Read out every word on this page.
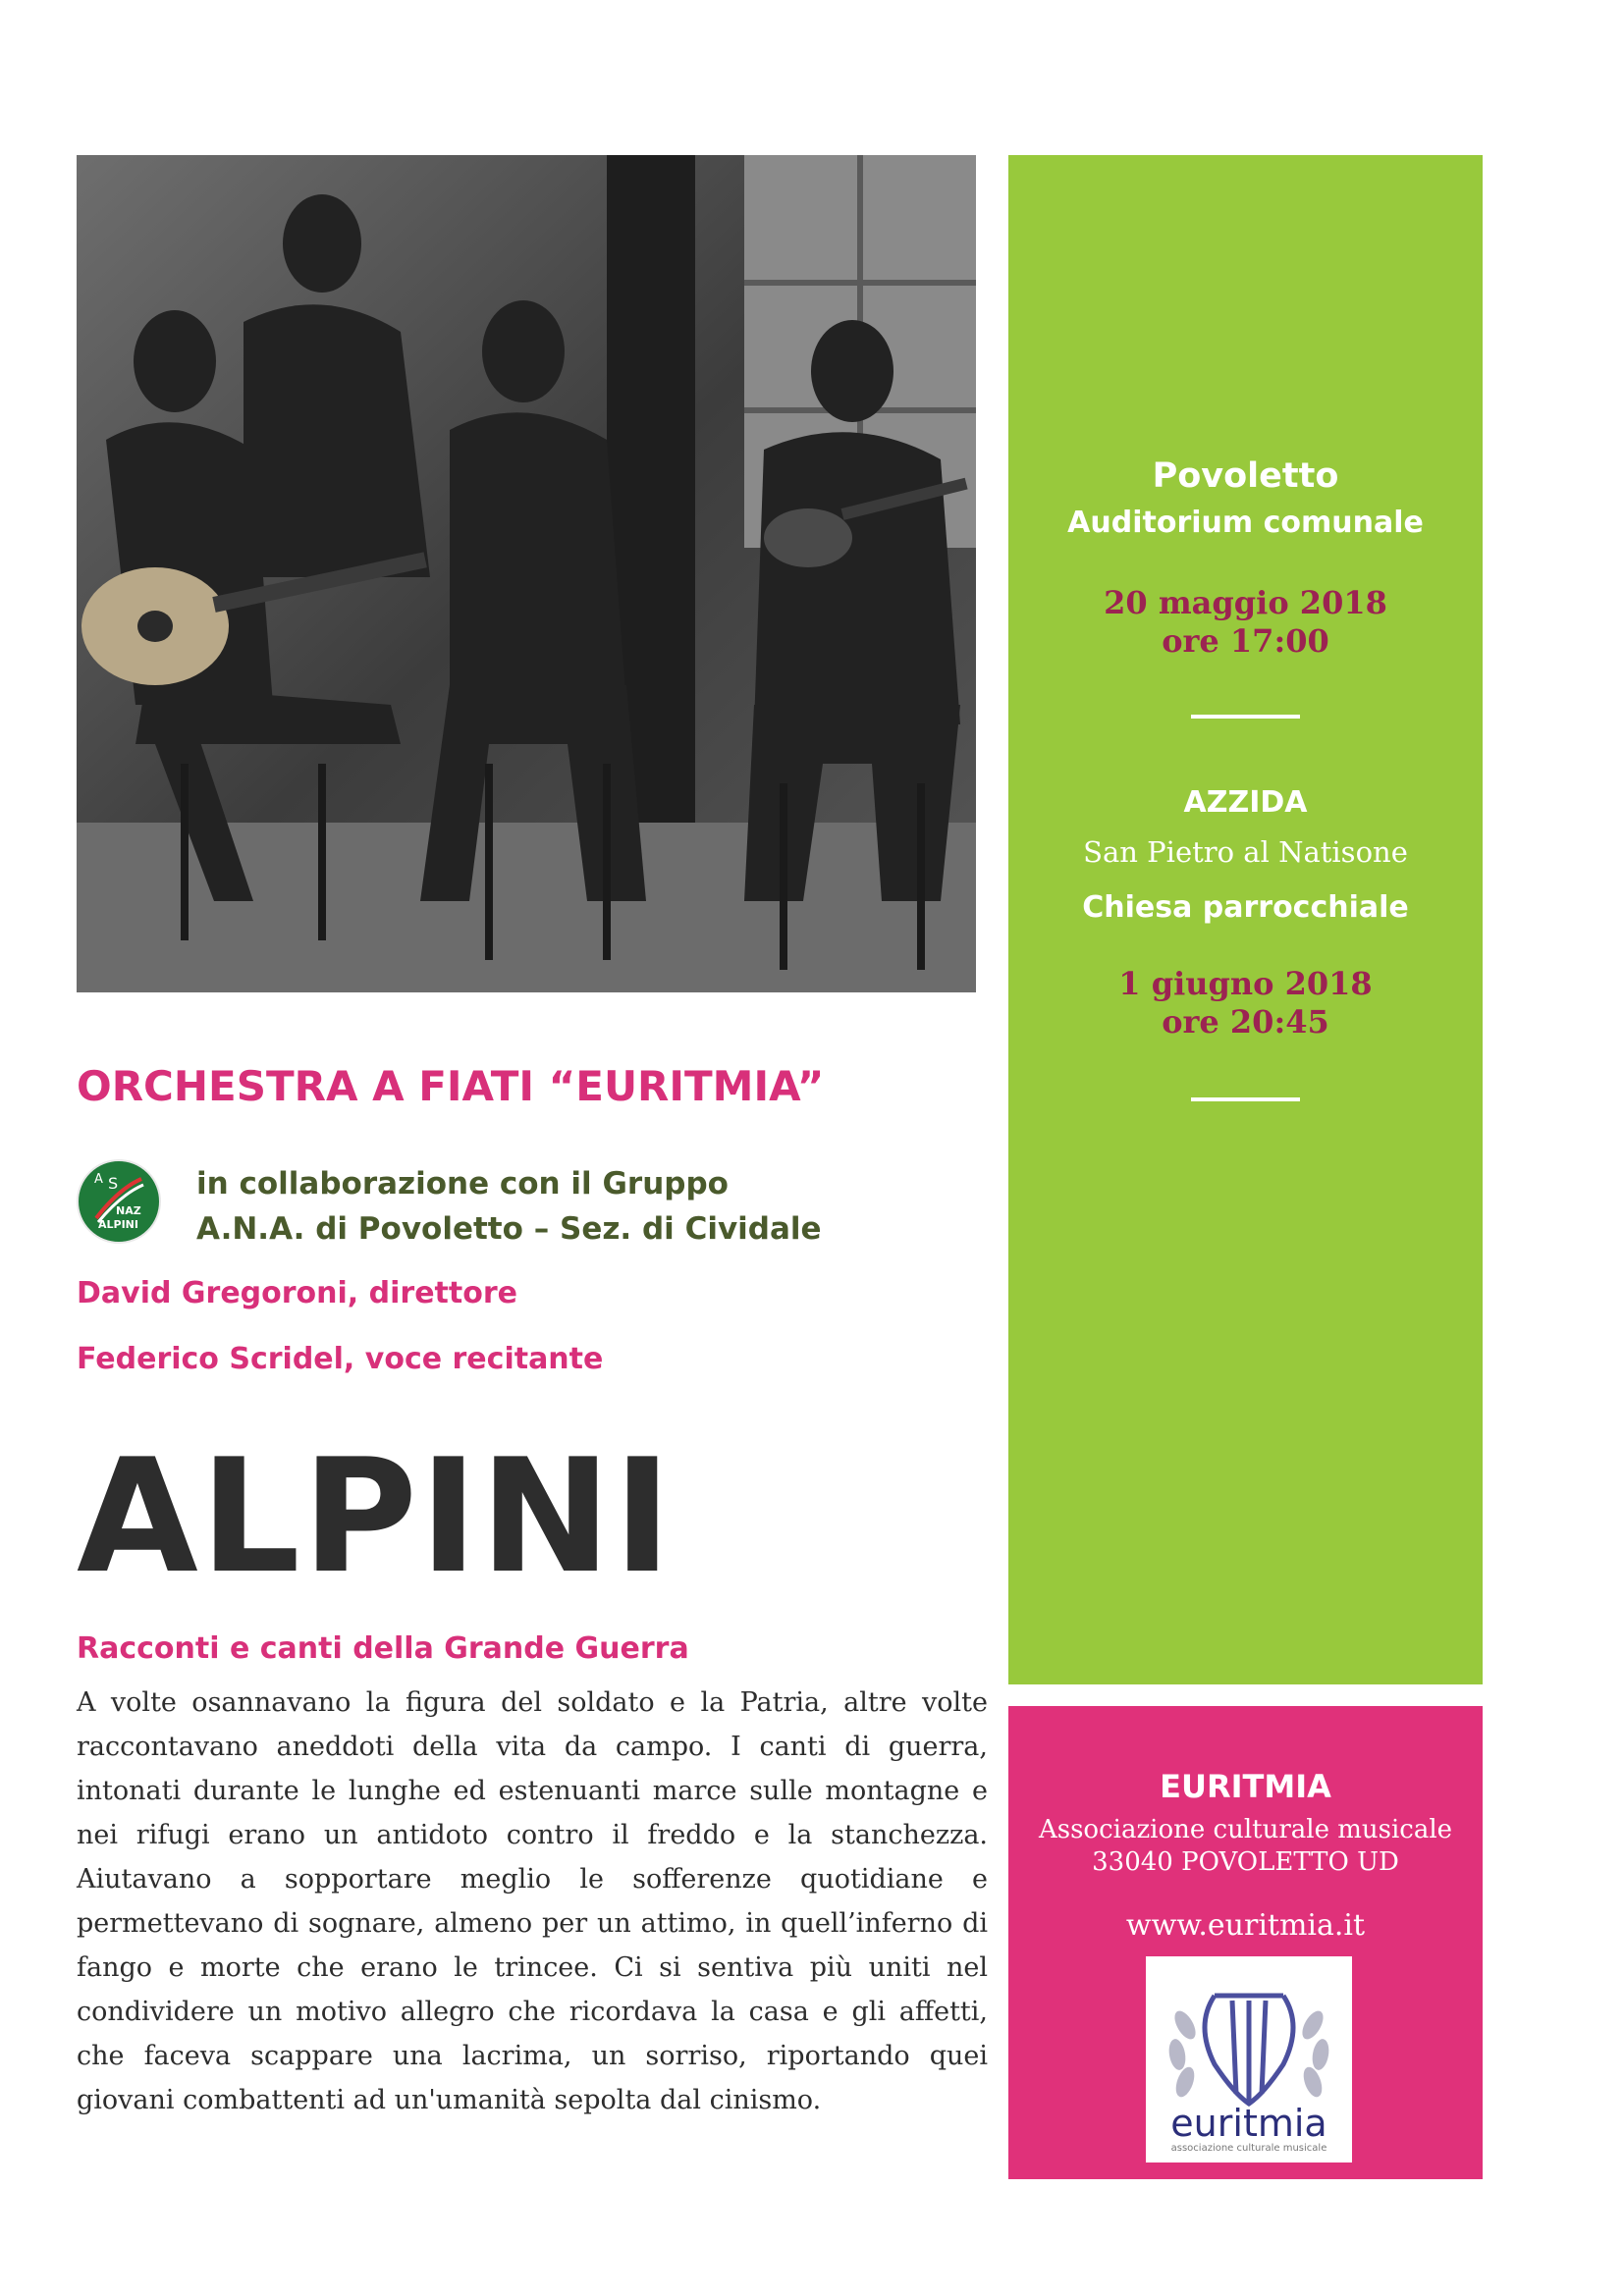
Povoletto
Auditorium comunale
20 maggio 2018
ore 17:00
AZZIDA
San Pietro al Natisone
Chiesa parrocchiale
1 giugno 2018
ore 20:45
EURITMIA
Associazione culturale musicale
33040 POVOLETTO UD
www.euritmia.it
euritmia
associazione culturale musicale
ORCHESTRA A FIATI “EURITMIA”
A S
NAZ
ALPINI
in collaborazione con il Gruppo
A.N.A. di Povoletto – Sez. di Cividale
David Gregoroni, direttore
Federico Scridel, voce recitante
ALPINI
Racconti e canti della Grande Guerra
A volte osannavano la figura del soldato e la Patria, altre volte raccontavano aneddoti della vita da campo. I canti di guerra, intonati durante le lunghe ed estenuanti marce sulle montagne e nei rifugi erano un antidoto contro il freddo e la stanchezza. Aiutavano a sopportare meglio le sofferenze quotidiane e permettevano di sognare, almeno per un attimo, in quell’inferno di fango e morte che erano le trincee. Ci si sentiva più uniti nel condividere un motivo allegro che ricordava la casa e gli affetti, che faceva scappare una lacrima, un sorriso, riportando quei giovani combattenti ad un'umanità sepolta dal cinismo.
